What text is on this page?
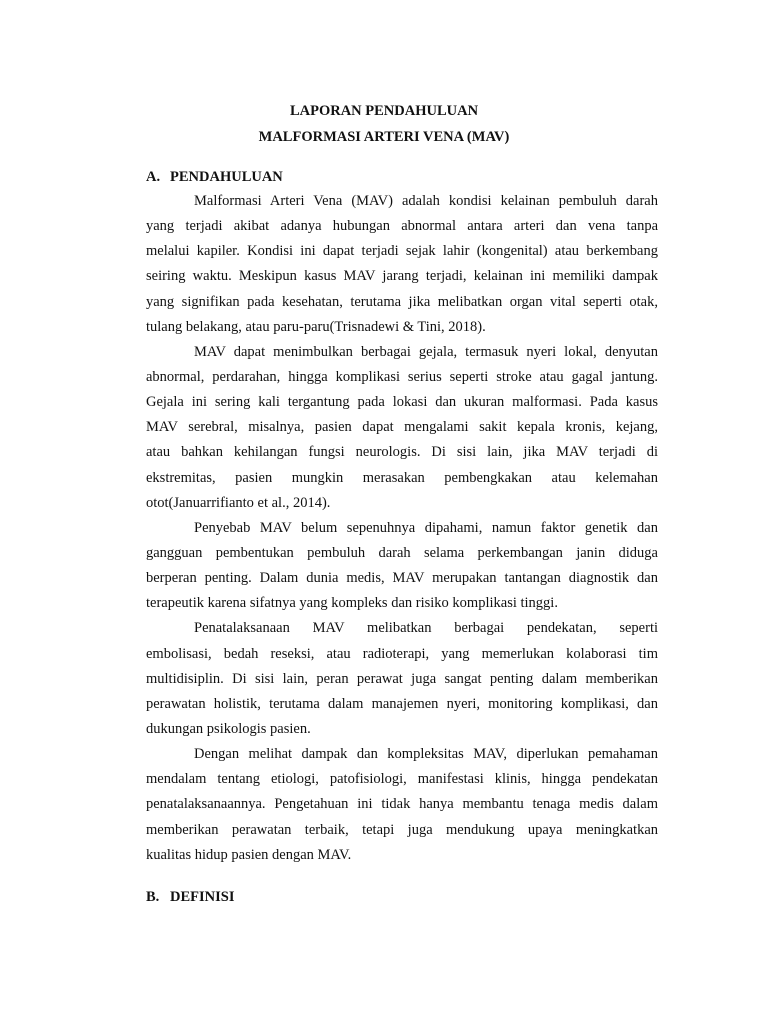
LAPORAN PENDAHULUAN

MALFORMASI ARTERI VENA (MAV)

A. PENDAHULUAN

Malformasi Arteri Vena (MAV) adalah kondisi kelainan pembuluh darah
yang terjadi akibat adanya hubungan abnormal antara arteri dan vena tanpa
melalui kapiler. Kondisi ini dapat terjadi sejak lahir (kongenital) atau berkembang
seiring waktu. Meskipun kasus MAV jarang terjadi, kelainan ini memiliki dampak
yang signifikan pada kesehatan, terutama jika melibatkan organ vital seperti otak,
tulang belakang, atau paru-paru(Trisnadewi & Tini, 2018).
MAV dapat menimbulkan berbagai gejala, termasuk nyeri lokal, denyutan
abnormal, perdarahan, hingga komplikasi serius seperti stroke atau gagal jantung.
Gejala ini sering kali tergantung pada lokasi dan ukuran malformasi. Pada kasus
MAV serebral, misalnya, pasien dapat mengalami sakit kepala kronis, kejang,
atau bahkan kehilangan fungsi neurologis. Di sisi lain, jika MAV terjadi di
ekstremitas, pasien mungkin merasakan pembengkakan atau kelemahan
otot(Januarrifianto et al., 2014).
Penyebab MAV belum sepenuhnya dipahami, namun faktor genetik dan
gangguan pembentukan pembuluh darah selama perkembangan janin diduga
berperan penting. Dalam dunia medis, MAV merupakan tantangan diagnostik dan
terapeutik karena sifatnya yang kompleks dan risiko komplikasi tinggi.
Penatalaksanaan MAV melibatkan berbagai pendekatan, seperti
embolisasi, bedah reseksi, atau radioterapi, yang memerlukan kolaborasi tim
multidisiplin. Di sisi lain, peran perawat juga sangat penting dalam memberikan
perawatan holistik, terutama dalam manajemen nyeri, monitoring komplikasi, dan
dukungan psikologis pasien.
Dengan melihat dampak dan kompleksitas MAV, diperlukan pemahaman
mendalam tentang etiologi, patofisiologi, manifestasi klinis, hingga pendekatan
penatalaksanaannya. Pengetahuan ini tidak hanya membantu tenaga medis dalam
memberikan perawatan terbaik, tetapi juga mendukung upaya meningkatkan
kualitas hidup pasien dengan MAV.

B. DEFINISI
